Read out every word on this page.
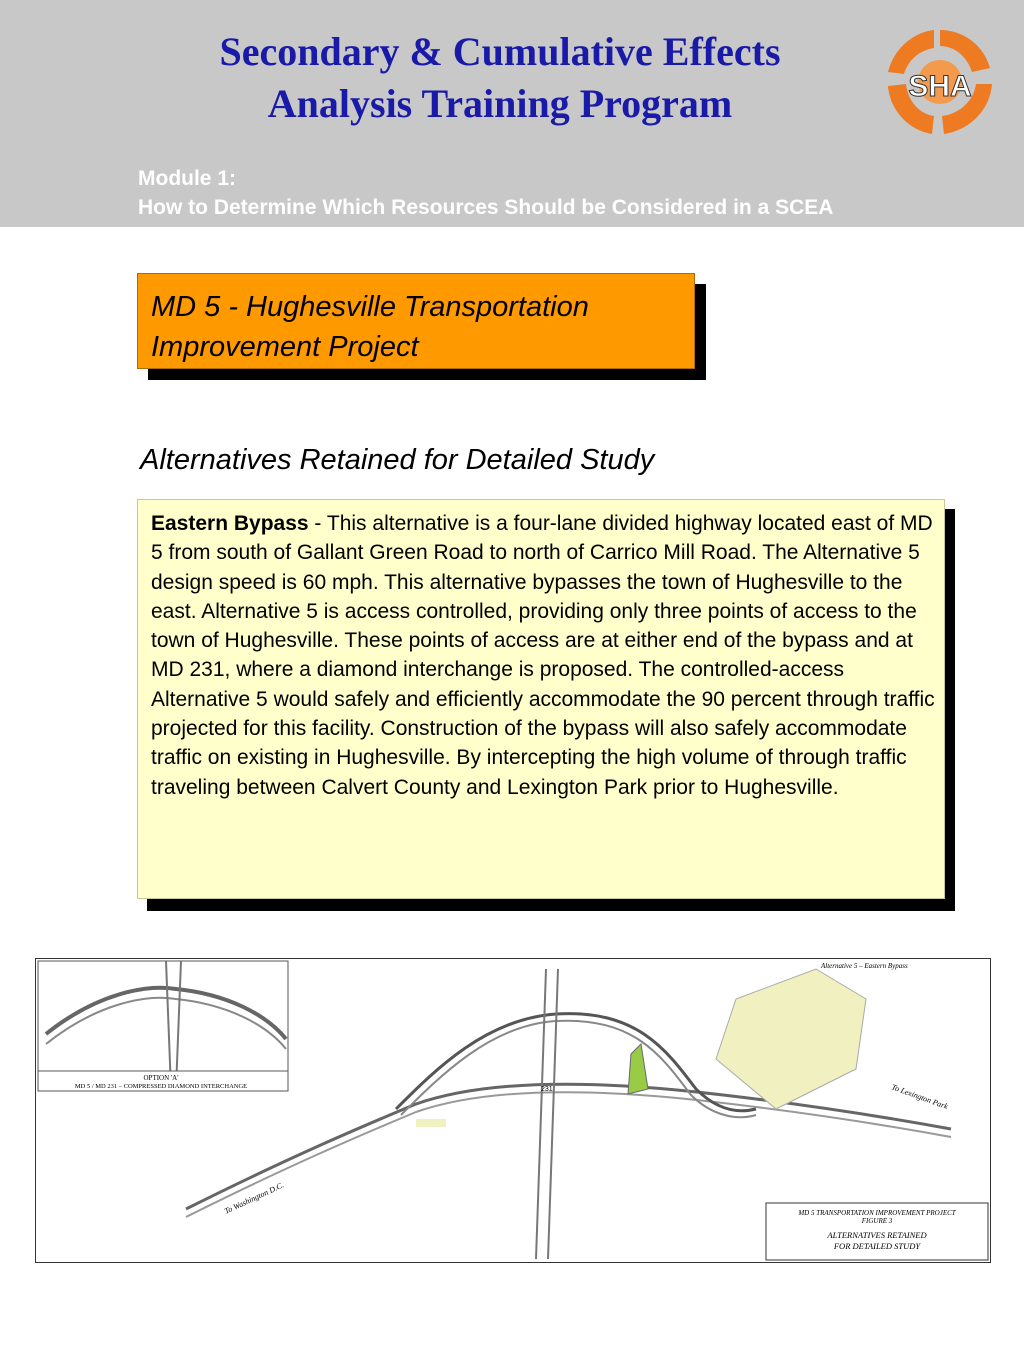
Secondary & Cumulative Effects
Analysis Training Program
Module 1:
How to Determine Which Resources Should be Considered in a SCEA
SHA
MD 5 - Hughesville Transportation
Improvement Project
Alternatives Retained for Detailed Study
Eastern Bypass - This alternative is a four-lane divided highway located east of MD 5 from south of Gallant Green Road to north of Carrico Mill Road. The Alternative 5 design speed is 60 mph. This alternative bypasses the town of Hughesville to the east. Alternative 5 is access controlled, providing only three points of access to the town of Hughesville. These points of access are at either end of the bypass and at MD 231, where a diamond interchange is proposed. The controlled-access Alternative 5 would safely and efficiently accommodate the 90 percent through traffic projected for this facility. Construction of the bypass will also safely accommodate traffic on existing in Hughesville. By intercepting the high volume of through traffic traveling between Calvert County and Lexington Park prior to Hughesville.
OPTION 'A'
MD 5 / MD 231 – COMPRESSED DIAMOND INTERCHANGE
Alternative 5 – Eastern Bypass
To Lexington Park
To Washington D.C.
231
MD 5 TRANSPORTATION IMPROVEMENT PROJECT
FIGURE 3
ALTERNATIVES RETAINED
FOR DETAILED STUDY
